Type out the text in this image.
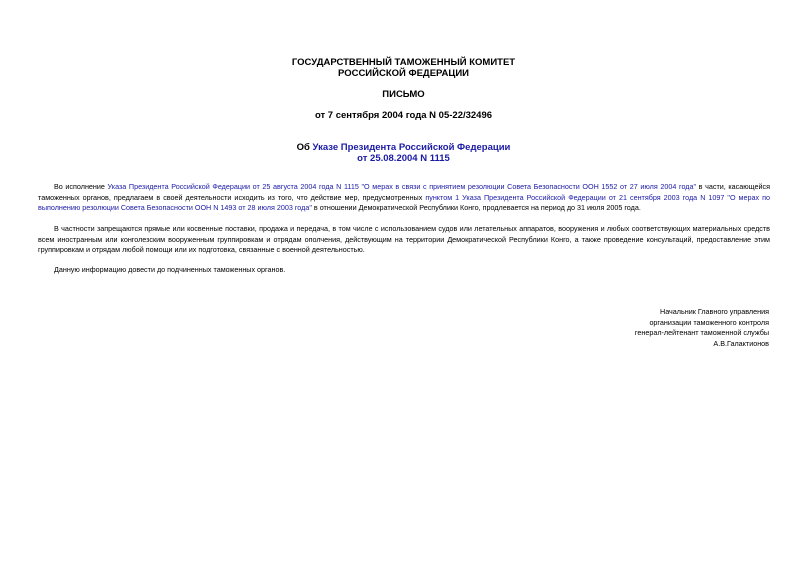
ГОСУДАРСТВЕННЫЙ ТАМОЖЕННЫЙ КОМИТЕТ
РОССИЙСКОЙ ФЕДЕРАЦИИ
ПИСЬМО
от 7 сентября 2004 года N 05-22/32496
Об Указе Президента Российской Федерации
от 25.08.2004 N 1115
Во исполнение Указа Президента Российской Федерации от 25 августа 2004 года N 1115 "О мерах в связи с принятием резолюции Совета Безопасности ООН 1552 от 27 июля 2004 года" в части, касающейся таможенных органов, предлагаем в своей деятельности исходить из того, что действие мер, предусмотренных пунктом 1 Указа Президента Российской Федерации от 21 сентября 2003 года N 1097 "О мерах по выполнению резолюции Совета Безопасности ООН N 1493 от 28 июля 2003 года" в отношении Демократической Республики Конго, продлевается на период до 31 июля 2005 года.
В частности запрещаются прямые или косвенные поставки, продажа и передача, в том числе с использованием судов или летательных аппаратов, вооружения и любых соответствующих материальных средств всем иностранным или конголезским вооруженным группировкам и отрядам ополчения, действующим на территории Демократической Республики Конго, а также проведение консультаций, предоставление этим группировкам и отрядам любой помощи или их подготовка, связанные с военной деятельностью.
Данную информацию довести до подчиненных таможенных органов.
Начальник Главного управления
организации таможенного контроля
генерал-лейтенант таможенной службы
А.В.Галактионов
